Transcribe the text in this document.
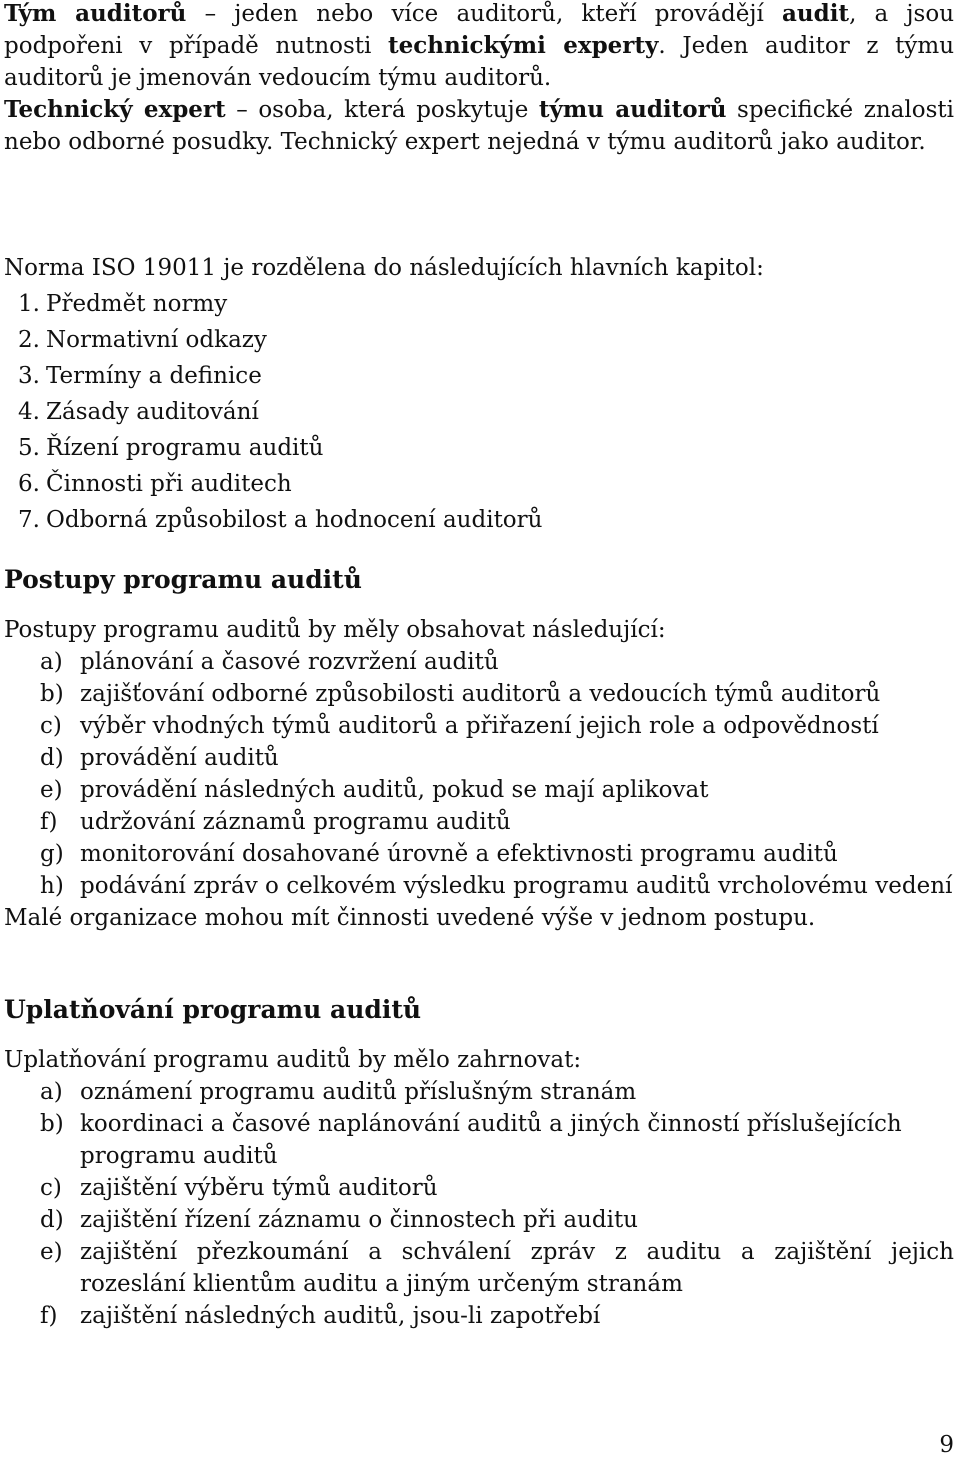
Tým auditorů – jeden nebo více auditorů, kteří provádějí audit, a jsou podpořeni v případě nutnosti technickými experty. Jeden auditor z týmu auditorů je jmenován vedoucím týmu auditorů.

Technický expert – osoba, která poskytuje týmu auditorů specifické znalosti nebo odborné posudky. Technický expert nejedná v týmu auditorů jako auditor.

Norma ISO 19011 je rozdělena do následujících hlavních kapitol:
1. Předmět normy
2. Normativní odkazy
3. Termíny a definice
4. Zásady auditování
5. Řízení programu auditů
6. Činnosti při auditech
7. Odborná způsobilost a hodnocení auditorů
Postupy programu auditů
Postupy programu auditů by měly obsahovat následující:
a) plánování a časové rozvržení auditů
b) zajišťování odborné způsobilosti auditorů a vedoucích týmů auditorů
c) výběr vhodných týmů auditorů a přiřazení jejich role a odpovědností
d) provádění auditů
e) provádění následných auditů, pokud se mají aplikovat
f) udržování záznamů programu auditů
g) monitorování dosahované úrovně a efektivnosti programu auditů
h) podávání zpráv o celkovém výsledku programu auditů vrcholovému vedení
Malé organizace mohou mít činnosti uvedené výše v jednom postupu.
Uplatňování programu auditů
Uplatňování programu auditů by mělo zahrnovat:
a) oznámení programu auditů příslušným stranám
b) koordinaci a časové naplánování auditů a jiných činností příslušejících programu auditů
c) zajištění výběru týmů auditorů
d) zajištění řízení záznamu o činnostech při auditu
e) zajištění přezkoumání a schválení zpráv z auditu a zajištění jejich rozeslání klientům auditu a jiným určeným stranám
f) zajištění následných auditů, jsou-li zapotřebí
9
